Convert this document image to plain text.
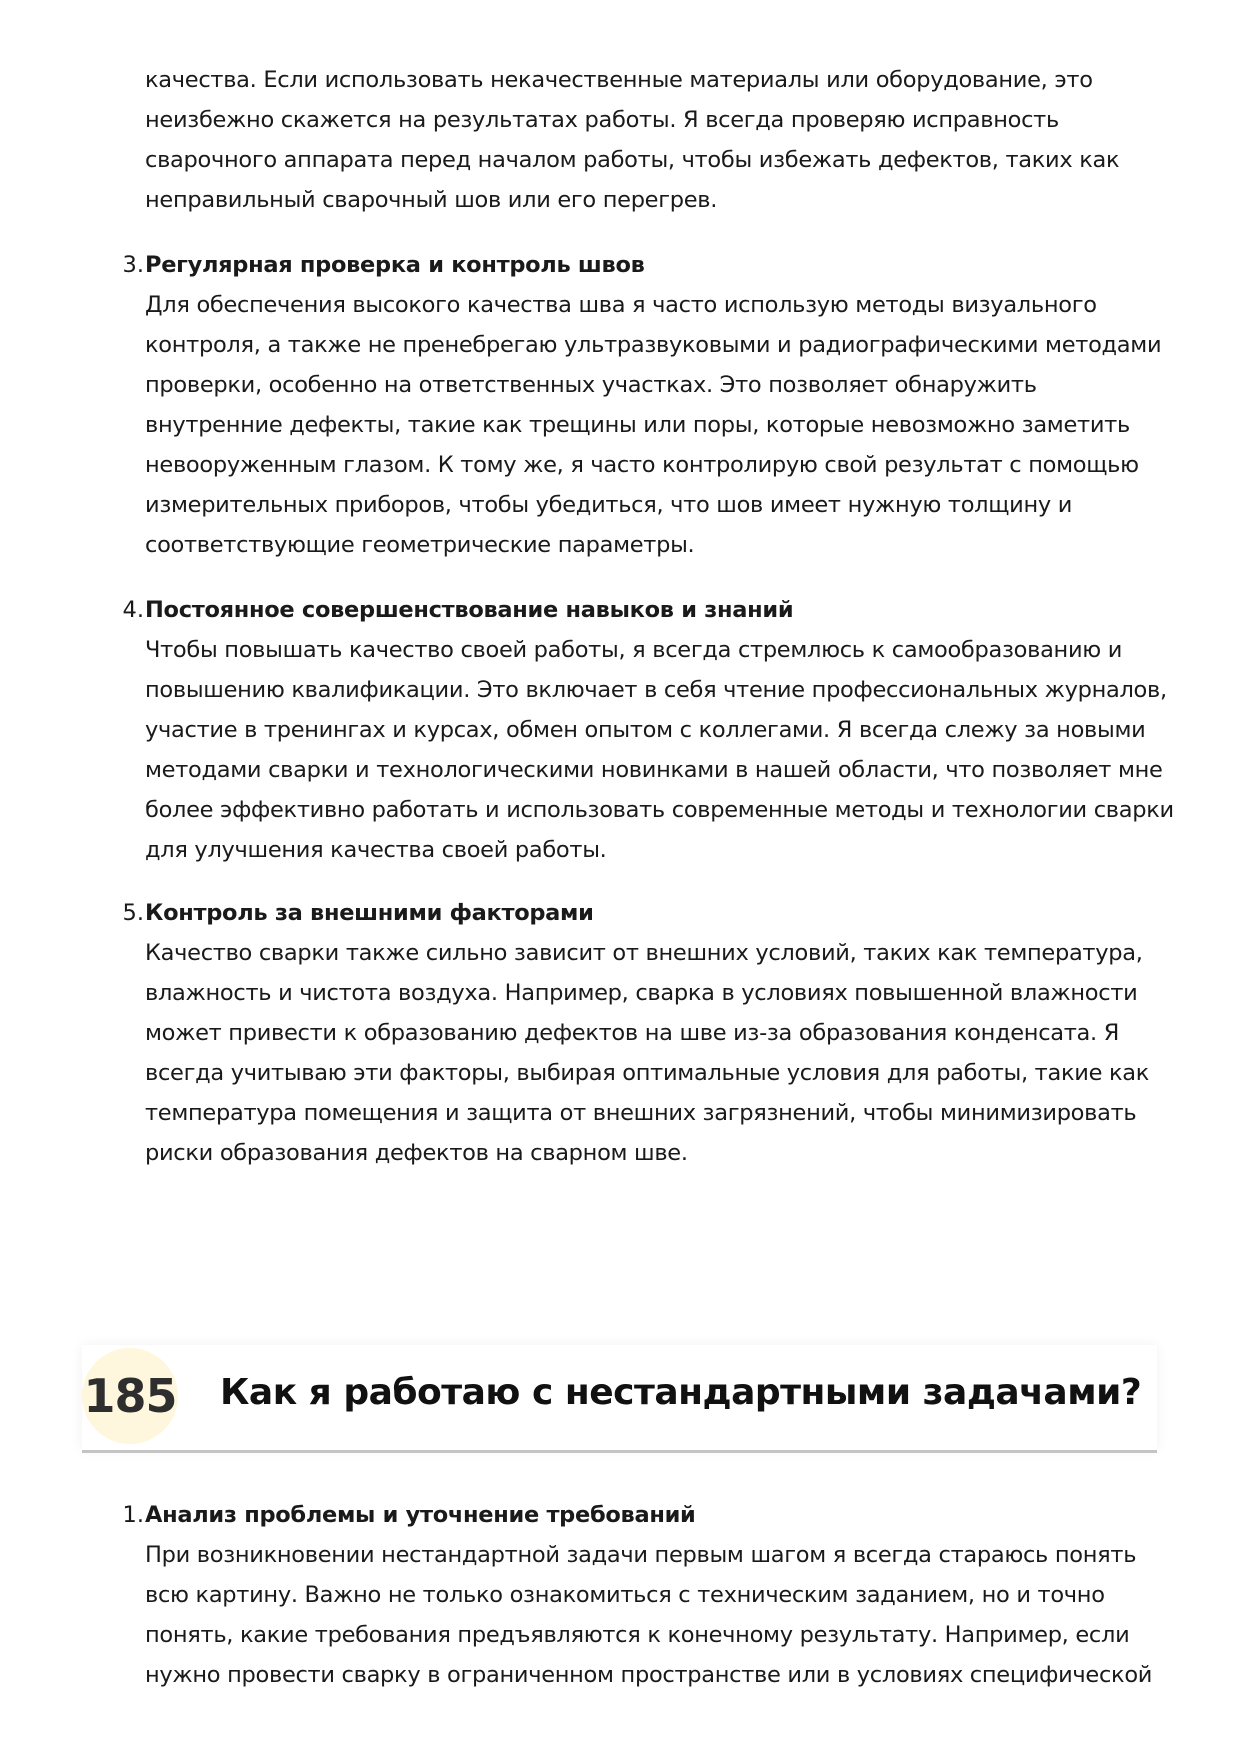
качества. Если использовать некачественные материалы или оборудование, это неизбежно скажется на результатах работы. Я всегда проверяю исправность сварочного аппарата перед началом работы, чтобы избежать дефектов, таких как неправильный сварочный шов или его перегрев.

3. Регулярная проверка и контроль швов

Для обеспечения высокого качества шва я часто использую методы визуального контроля, а также не пренебрегаю ультразвуковыми и радиографическими методами проверки, особенно на ответственных участках. Это позволяет обнаружить внутренние дефекты, такие как трещины или поры, которые невозможно заметить невооруженным глазом. К тому же, я часто контролирую свой результат с помощью измерительных приборов, чтобы убедиться, что шов имеет нужную толщину и соответствующие геометрические параметры.

4. Постоянное совершенствование навыков и знаний

Чтобы повышать качество своей работы, я всегда стремлюсь к самообразованию и повышению квалификации. Это включает в себя чтение профессиональных журналов, участие в тренингах и курсах, обмен опытом с коллегами. Я всегда слежу за новыми методами сварки и технологическими новинками в нашей области, что позволяет мне более эффективно работать и использовать современные методы и технологии сварки для улучшения качества своей работы.

5. Контроль за внешними факторами

Качество сварки также сильно зависит от внешних условий, таких как температура, влажность и чистота воздуха. Например, сварка в условиях повышенной влажности может привести к образованию дефектов на шве из-за образования конденсата. Я всегда учитываю эти факторы, выбирая оптимальные условия для работы, такие как температура помещения и защита от внешних загрязнений, чтобы минимизировать риски образования дефектов на сварном шве.

185 Как я работаю с нестандартными задачами?
1. Анализ проблемы и уточнение требований

При возникновении нестандартной задачи первым шагом я всегда стараюсь понять всю картину. Важно не только ознакомиться с техническим заданием, но и точно понять, какие требования предъявляются к конечному результату. Например, если нужно провести сварку в ограниченном пространстве или в условиях специфической
